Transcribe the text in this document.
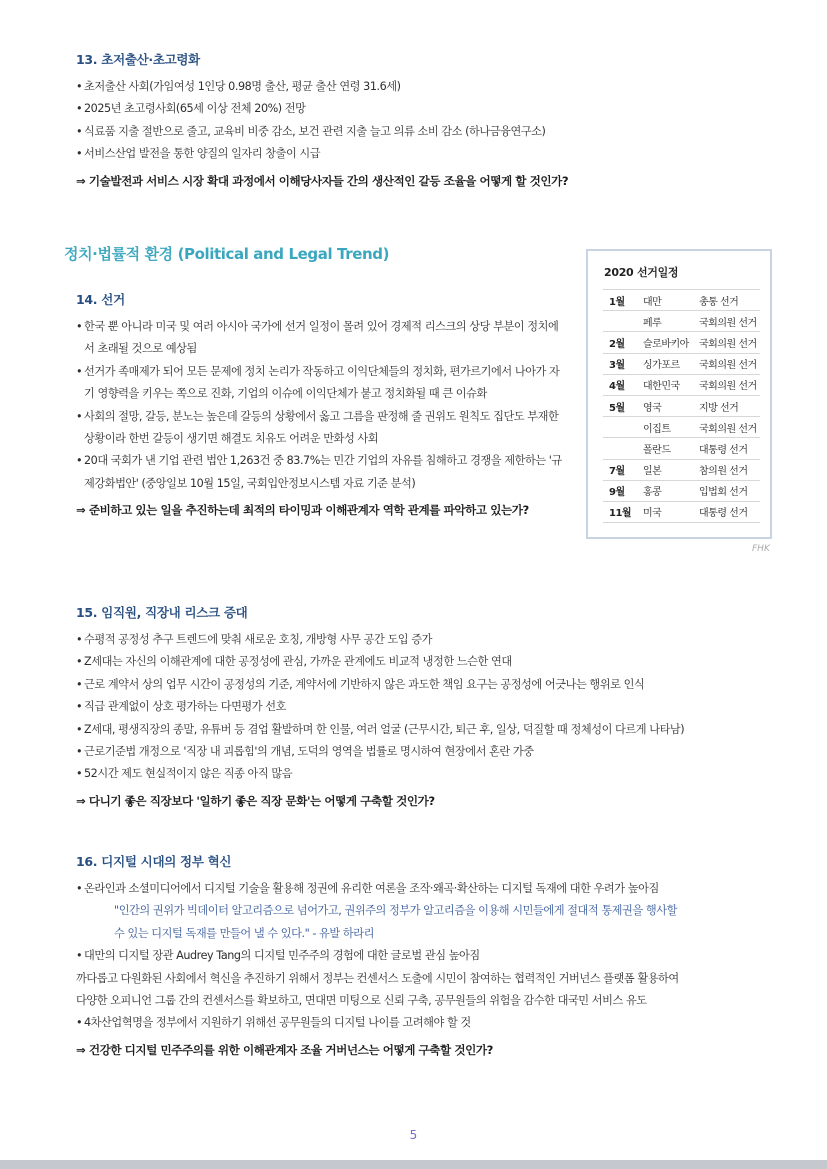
13. 초저출산·초고령화
• 초저출산 사회(가임여성 1인당 0.98명 출산, 평균 출산 연령 31.6세)
• 2025년 초고령사회(65세 이상 전체 20%) 전망
• 식료품 지출 절반으로 줄고, 교육비 비중 감소, 보건 관련 지출 늘고 의류 소비 감소 (하나금융연구소)
• 서비스산업 발전을 통한 양질의 일자리 창출이 시급
⇒ 기술발전과 서비스 시장 확대 과정에서 이해당사자들 간의 생산적인 갈등 조율을 어떻게 할 것인가?
정치·법률적 환경 (Political and Legal Trend)
14. 선거
• 한국 뿐 아니라 미국 및 여러 아시아 국가에 선거 일정이 몰려 있어 경제적 리스크의 상당 부분이 정치에서 초래될 것으로 예상됨
• 선거가 족매제가 되어 모든 문제에 정치 논리가 작동하고 이익단체들의 정치화, 편가르기에서 나아가 자기 영향력을 키우는 쪽으로 진화, 기업의 이슈에 이익단체가 붙고 정치화될 때 큰 이슈화
• 사회의 절망, 갈등, 분노는 높은데 갈등의 상황에서 옳고 그름을 판정해 줄 권위도 원칙도 집단도 부재한 상황이라 한번 갈등이 생기면 해결도 치유도 어려운 만화성 사회
• 20대 국회가 낸 기업 관련 법안 1,263건 중 83.7%는 민간 기업의 자유를 침해하고 경쟁을 제한하는 '규제강화법안' (중앙일보 10월 15일, 국회입안정보시스템 자료 기준 분석)
⇒ 준비하고 있는 일을 추진하는데 최적의 타이밍과 이해관계자 역학 관계를 파악하고 있는가?
2020 선거일정
1월	대만	총통 선거
	페루	국회의원 선거
2월	슬로바키아	국회의원 선거
3월	싱가포르	국회의원 선거
4월	대한민국	국회의원 선거
5월	영국	지방 선거
	이집트	국회의원 선거
	폴란드	대통령 선거
7월	일본	참의원 선거
9월	홍콩	입법회 선거
11월	미국	대통령 선거
FHK
15. 임직원, 직장내 리스크 증대
• 수평적 공정성 추구 트렌드에 맞춰 새로운 호칭, 개방형 사무 공간 도입 증가
• Z세대는 자신의 이해관계에 대한 공정성에 관심, 가까운 관계에도 비교적 냉정한 느슨한 연대
• 근로 계약서 상의 업무 시간이 공정성의 기준, 계약서에 기반하지 않은 과도한 책임 요구는 공정성에 어긋나는 행위로 인식
• 직급 관계없이 상호 평가하는 다면평가 선호
• Z세대, 평생직장의 종말, 유튜버 등 겸업 활발하며 한 인물, 여러 얼굴 (근무시간, 퇴근 후, 일상, 덕질할 때 정체성이 다르게 나타남)
• 근로기준법 개정으로 '직장 내 괴롭힘'의 개념, 도덕의 영역을 법률로 명시하여 현장에서 혼란 가중
• 52시간 제도 현실적이지 않은 직종 아직 많음
⇒ 다니기 좋은 직장보다 '일하기 좋은 직장 문화'는 어떻게 구축할 것인가?
16. 디지털 시대의 정부 혁신
• 온라인과 소셜미디어에서 디지털 기술을 활용해 정권에 유리한 여론을 조작·왜곡·확산하는 디지털 독재에 대한 우려가 높아짐
"인간의 권위가 빅데이터 알고리즘으로 넘어가고, 권위주의 정부가 알고리즘을 이용해 시민들에게 절대적 통제권을 행사할
수 있는 디지털 독재를 만들어 낼 수 있다." - 유발 하라리
• 대만의 디지털 장관 Audrey Tang의 디지털 민주주의 경험에 대한 글로벌 관심 높아짐
까다롭고 다원화된 사회에서 혁신을 추진하기 위해서 정부는 컨센서스 도출에 시민이 참여하는 협력적인 거버넌스 플랫폼 활용하여
다양한 오피니언 그룹 간의 컨센서스를 확보하고, 면대면 미팅으로 신뢰 구축, 공무원들의 위험을 감수한 대국민 서비스 유도
• 4차산업혁명을 정부에서 지원하기 위해선 공무원들의 디지털 나이를 고려해야 할 것
⇒ 건강한 디지털 민주주의를 위한 이해관계자 조율 거버넌스는 어떻게 구축할 것인가?
5
